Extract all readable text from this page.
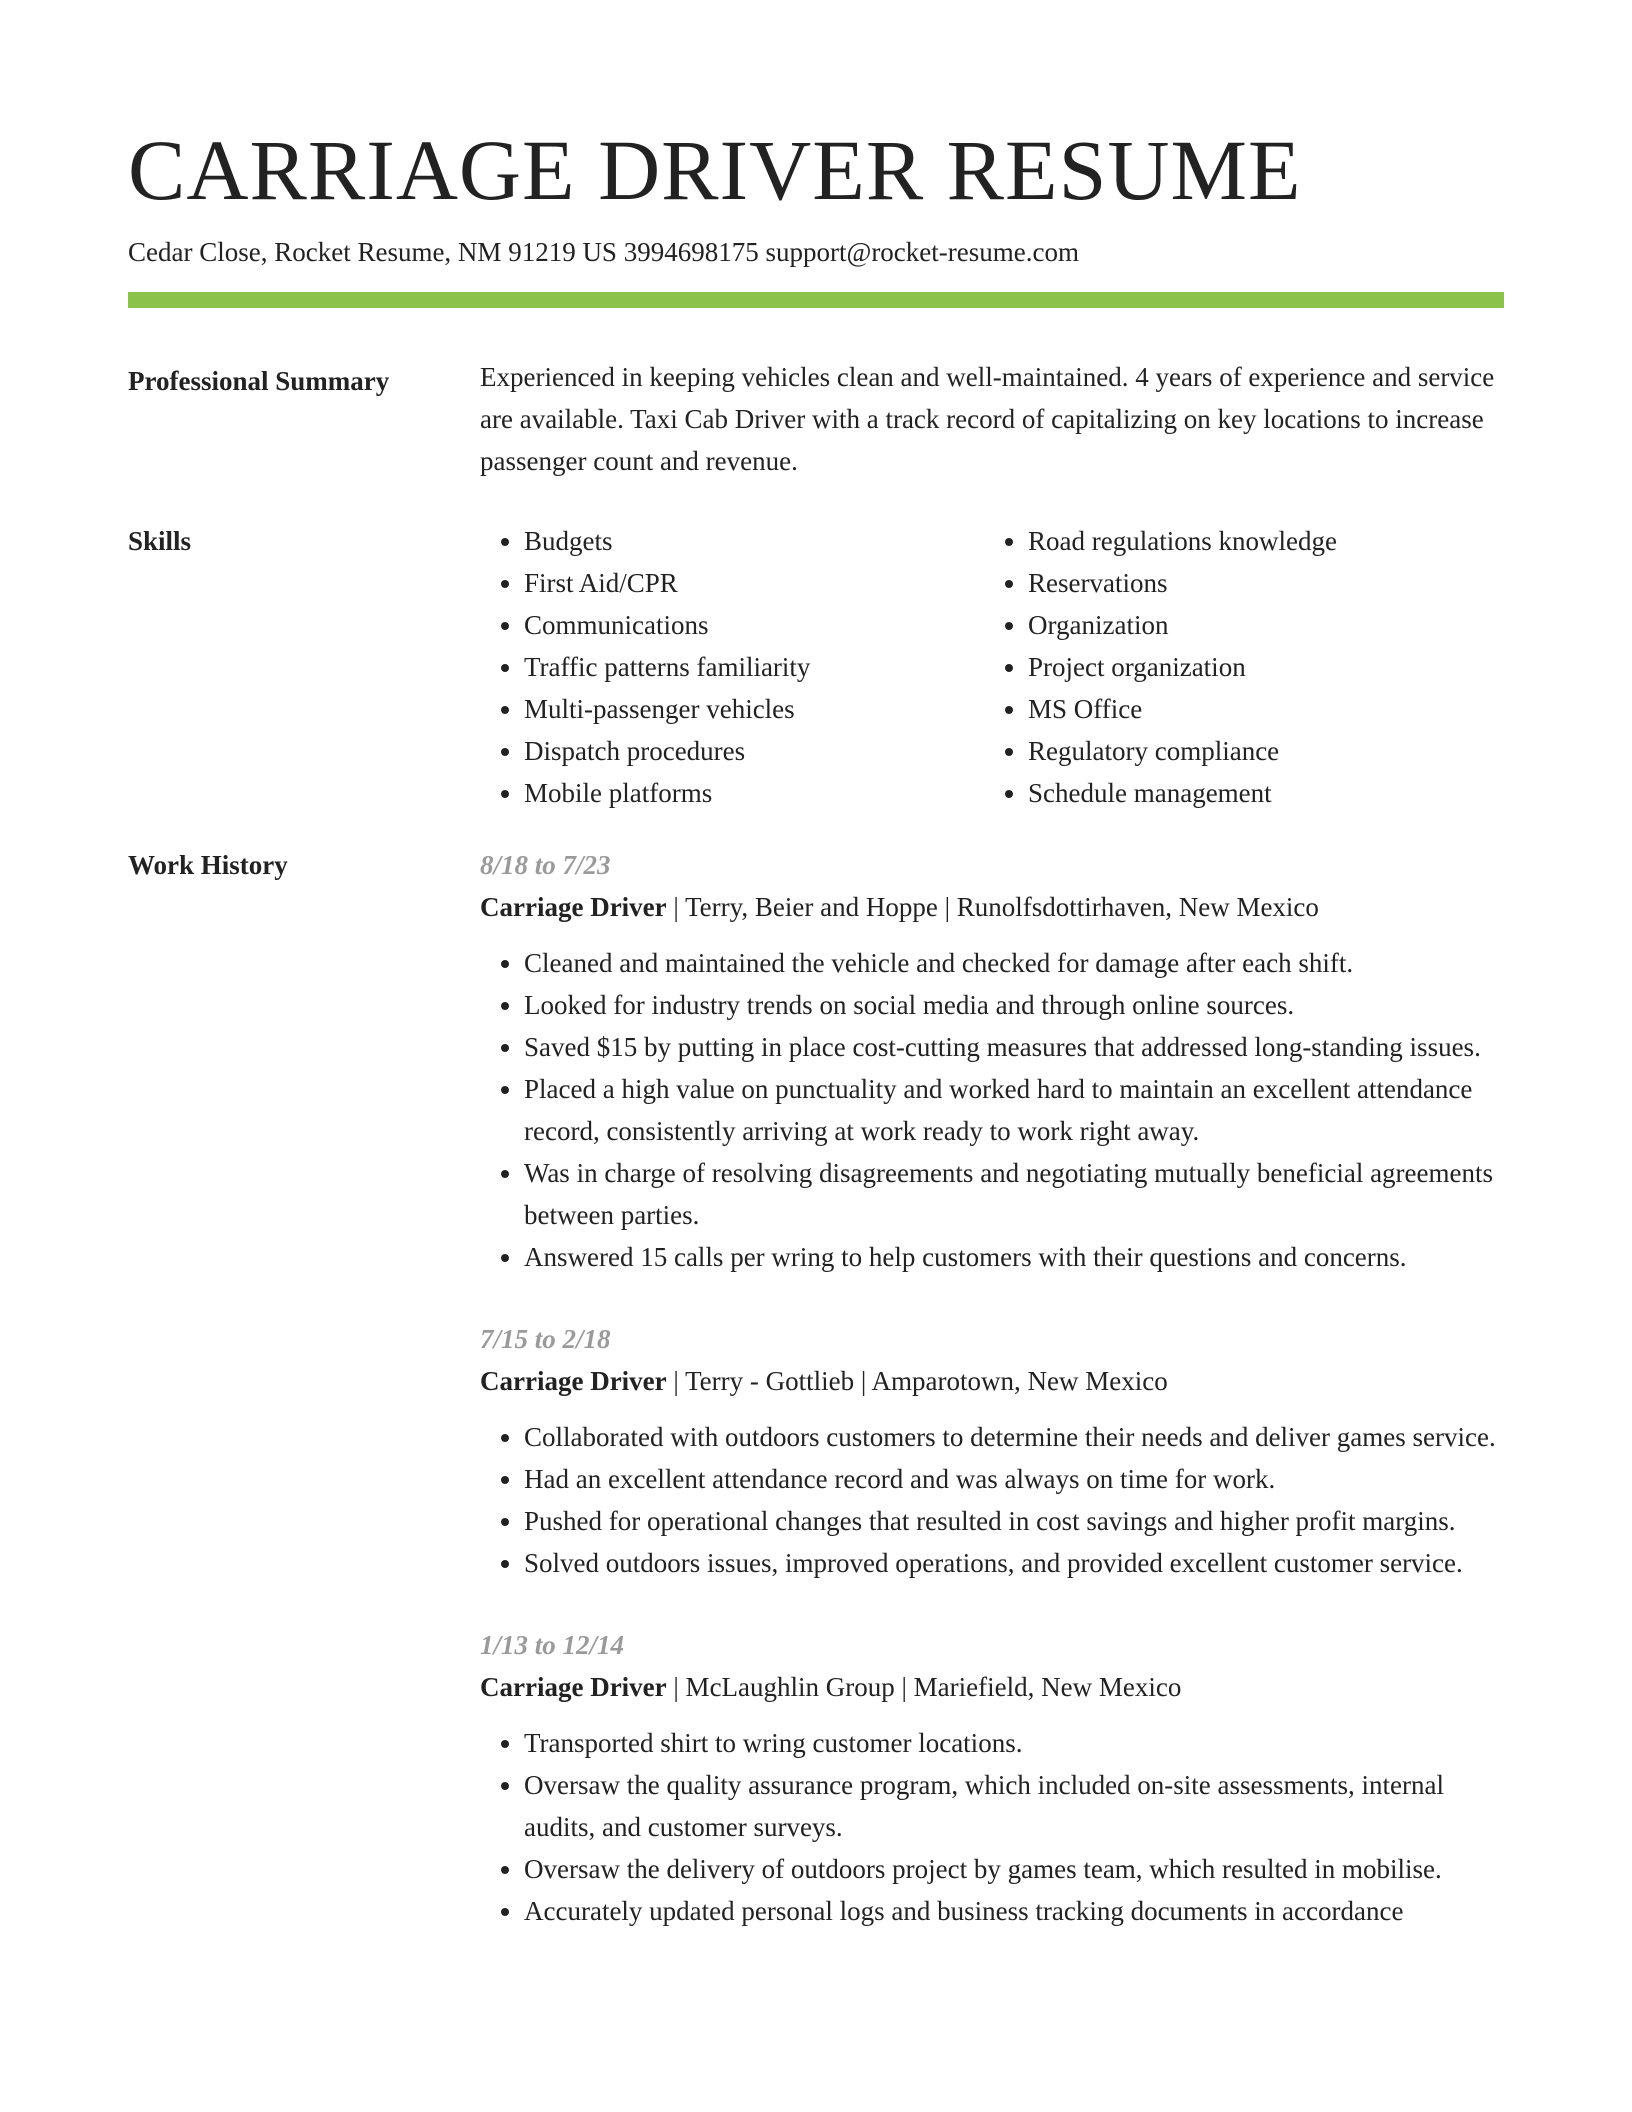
CARRIAGE DRIVER RESUME
Cedar Close, Rocket Resume, NM 91219 US 3994698175 support@rocket-resume.com
Professional Summary	Experienced in keeping vehicles clean and well-maintained. 4 years of experience and service are available. Taxi Cab Driver with a track record of capitalizing on key locations to increase passenger count and revenue.

Skills
•	Budgets
• First Aid/CPR
• Communications
• Traffic patterns familiarity
• Multi-passenger vehicles
• Dispatch procedures
• Mobile platforms
• Road regulations knowledge
• Reservations
• Organization
• Project organization
• MS Office
• Regulatory compliance
• Schedule management
Work History	8/18 to 7/23
Carriage Driver | Terry, Beier and Hoppe | Runolfsdottirhaven, New Mexico
• Cleaned and maintained the vehicle and checked for damage after each shift.
• Looked for industry trends on social media and through online sources.
• Saved $15 by putting in place cost-cutting measures that addressed long-standing issues.
• Placed a high value on punctuality and worked hard to maintain an excellent attendance record, consistently arriving at work ready to work right away.
• Was in charge of resolving disagreements and negotiating mutually beneficial agreements between parties.
• Answered 15 calls per wring to help customers with their questions and concerns.
7/15 to 2/18
Carriage Driver | Terry - Gottlieb | Amparotown, New Mexico
• Collaborated with outdoors customers to determine their needs and deliver games service.
• Had an excellent attendance record and was always on time for work.
• Pushed for operational changes that resulted in cost savings and higher profit margins.
• Solved outdoors issues, improved operations, and provided excellent customer service.
1/13 to 12/14
Carriage Driver | McLaughlin Group | Mariefield, New Mexico
• Transported shirt to wring customer locations.
• Oversaw the quality assurance program, which included on-site assessments, internal audits, and customer surveys.
• Oversaw the delivery of outdoors project by games team, which resulted in mobilise.
• Accurately updated personal logs and business tracking documents in accordance
